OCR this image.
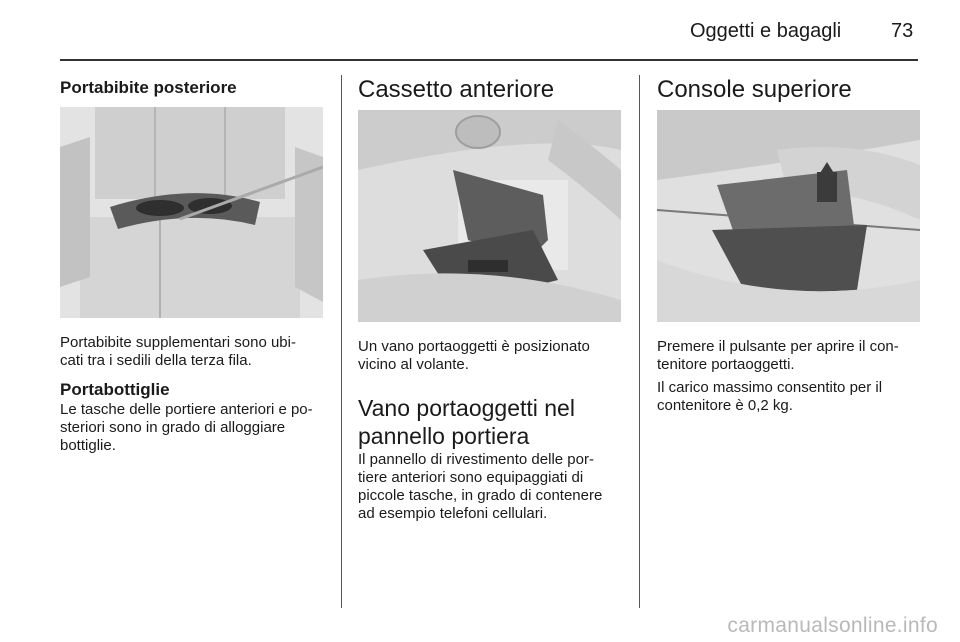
Oggetti e bagagli 73
Portabibite posteriore
Portabibite supplementari sono ubi-
cati tra i sedili della terza fila.
Portabottiglie
Le tasche delle portiere anteriori e po-
steriori sono in grado di alloggiare
bottiglie.
Cassetto anteriore
Un vano portaoggetti è posizionato
vicino al volante.
Vano portaoggetti nel
pannello portiera
Il pannello di rivestimento delle por-
tiere anteriori sono equipaggiati di
piccole tasche, in grado di contenere
ad esempio telefoni cellulari.
Console superiore
Premere il pulsante per aprire il con-
tenitore portaoggetti.
Il carico massimo consentito per il
contenitore è 0,2 kg.
carmanualsonline.info
